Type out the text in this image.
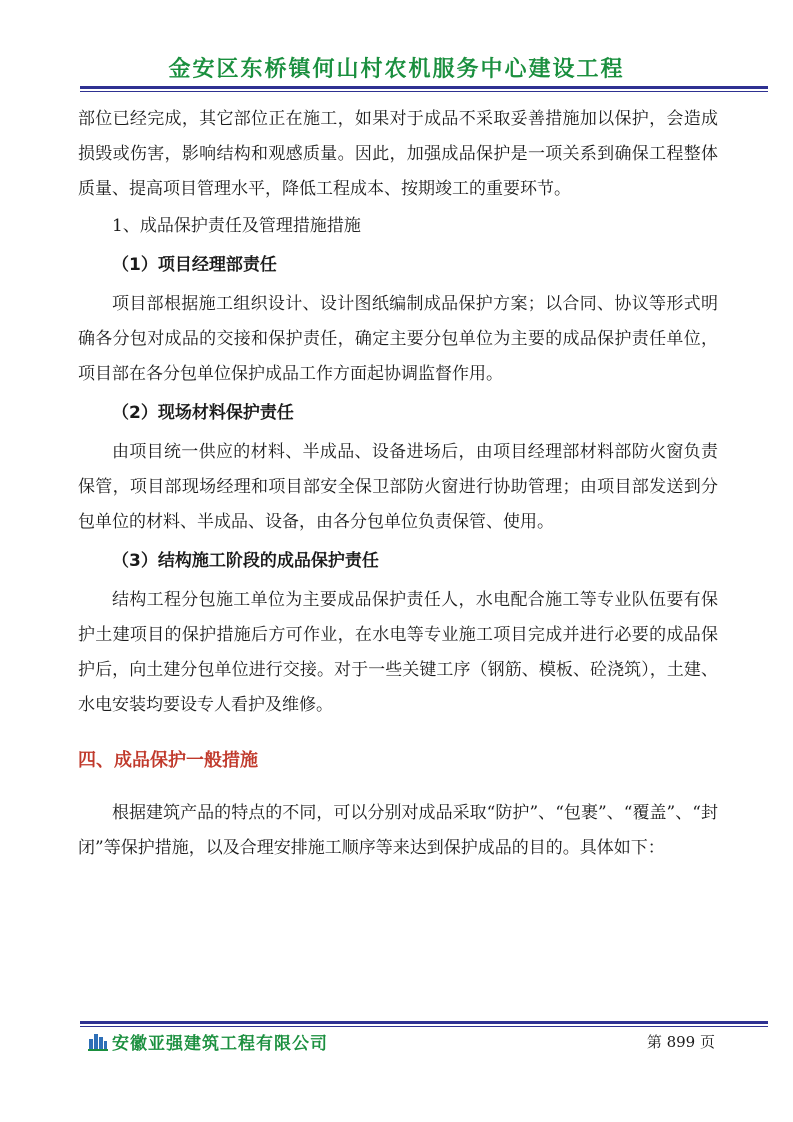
金安区东桥镇何山村农机服务中心建设工程

部位已经完成，其它部位正在施工，如果对于成品不采取妥善措施加以保护，会造成损毁或伤害，影响结构和观感质量。因此，加强成品保护是一项关系到确保工程整体质量、提高项目管理水平，降低工程成本、按期竣工的重要环节。

1、成品保护责任及管理措施措施

（1）项目经理部责任

项目部根据施工组织设计、设计图纸编制成品保护方案；以合同、协议等形式明确各分包对成品的交接和保护责任，确定主要分包单位为主要的成品保护责任单位，项目部在各分包单位保护成品工作方面起协调监督作用。

（2）现场材料保护责任

由项目统一供应的材料、半成品、设备进场后，由项目经理部材料部防火窗负责保管，项目部现场经理和项目部安全保卫部防火窗进行协助管理；由项目部发送到分包单位的材料、半成品、设备，由各分包单位负责保管、使用。

（3）结构施工阶段的成品保护责任

结构工程分包施工单位为主要成品保护责任人，水电配合施工等专业队伍要有保护土建项目的保护措施后方可作业，在水电等专业施工项目完成并进行必要的成品保护后，向土建分包单位进行交接。对于一些关键工序（钢筋、模板、砼浇筑），土建、水电安装均要设专人看护及维修。

四、成品保护一般措施

根据建筑产品的特点的不同，可以分别对成品采取“防护”、“包裹”、“覆盖”、“封闭”等保护措施，以及合理安排施工顺序等来达到保护成品的目的。具体如下：

安徽亚强建筑工程有限公司	第 899 页
